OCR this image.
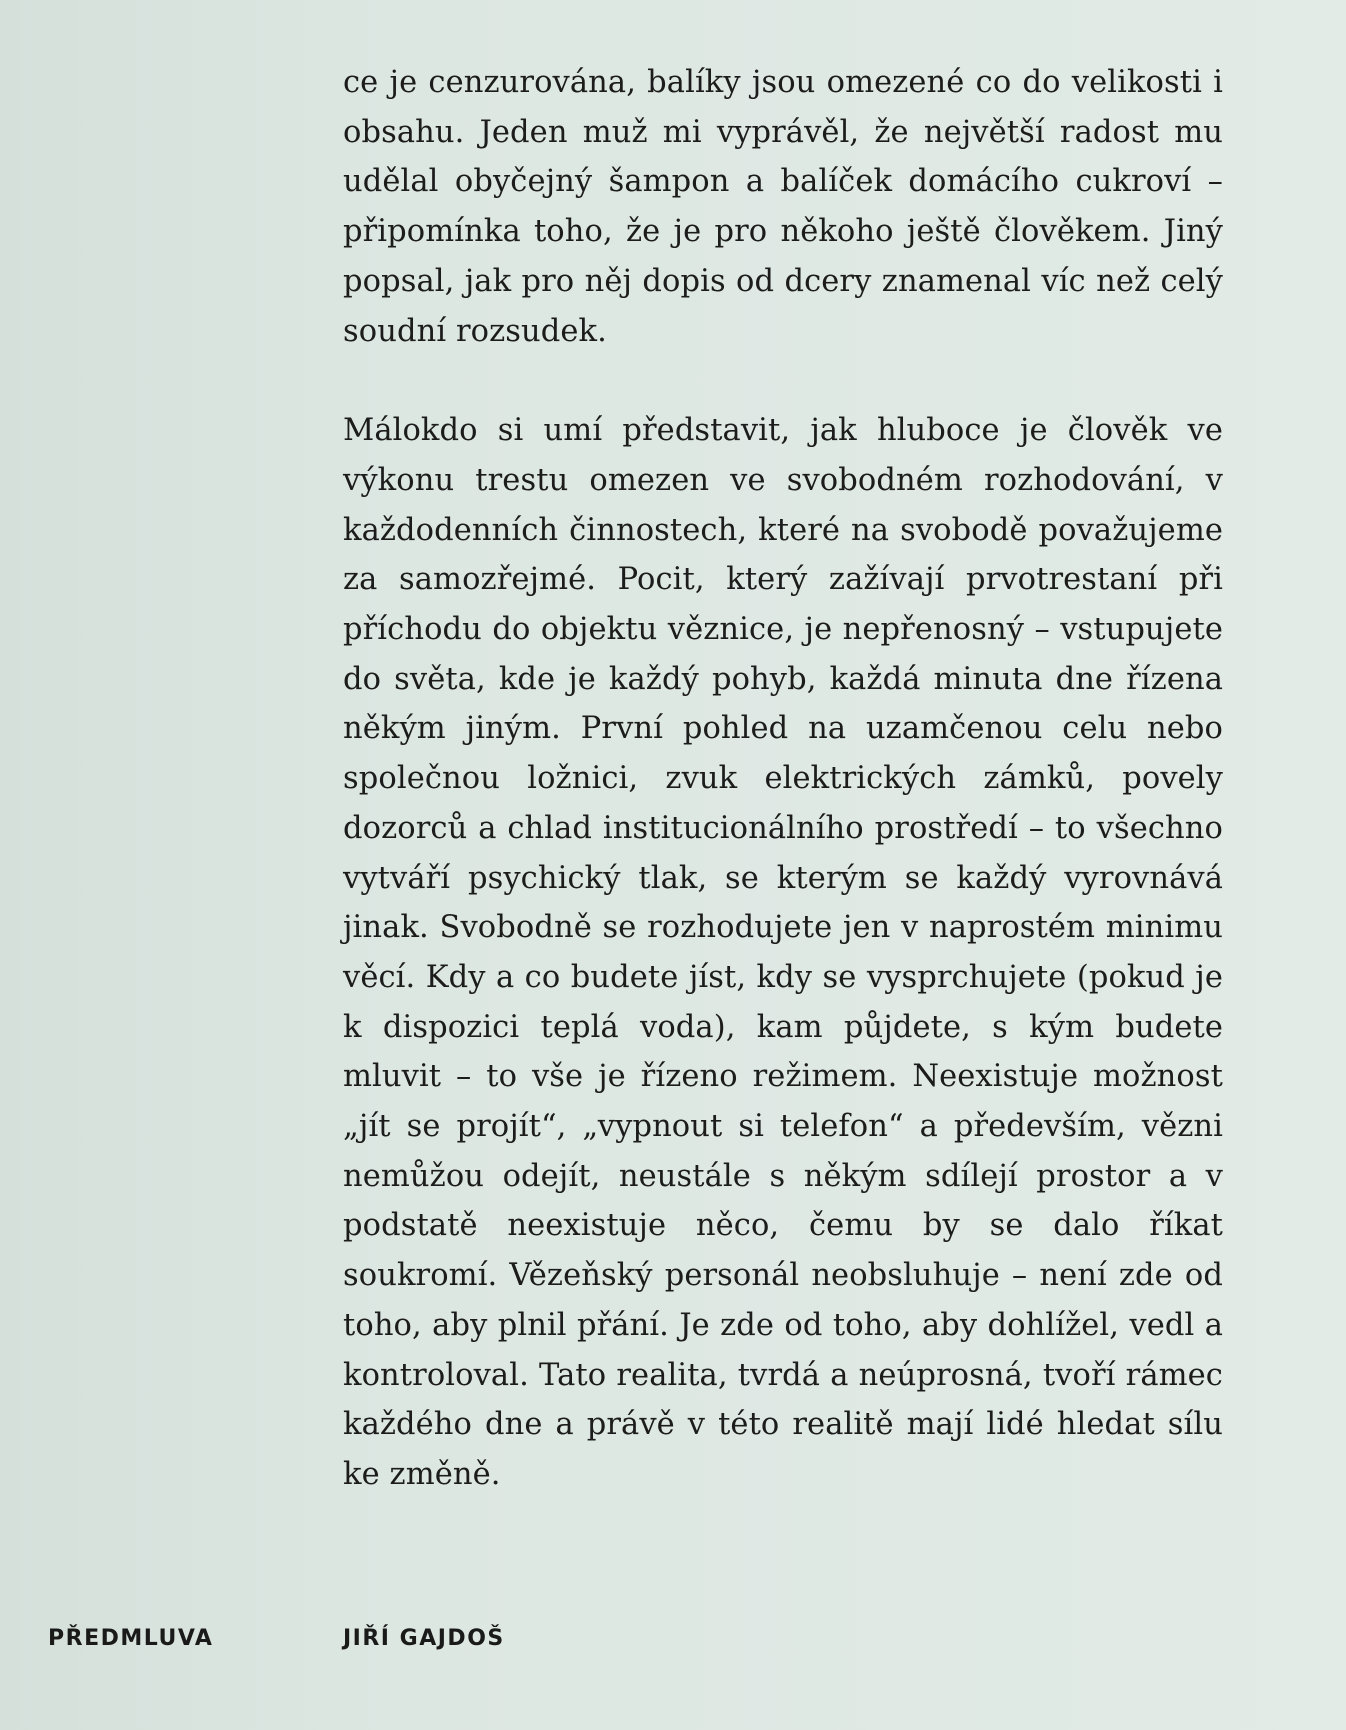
ce je cenzurována, balíky jsou omezené co do velikosti i obsahu. Jeden muž mi vyprávěl, že největší radost mu udělal obyčejný šampon a balíček domácího cukroví – připomínka toho, že je pro někoho ještě člověkem. Jiný popsal, jak pro něj dopis od dcery znamenal víc než celý soudní rozsudek.

Málokdo si umí představit, jak hluboce je člověk ve výkonu trestu omezen ve svobodném rozhodování, v každodenních činnostech, které na svobodě považujeme za samozřejmé. Pocit, který zažívají prvotrestaní při příchodu do objektu věznice, je nepřenosný – vstupujete do světa, kde je každý pohyb, každá minuta dne řízena někým jiným. První pohled na uzamčenou celu nebo společnou ložnici, zvuk elektrických zámků, povely dozorců a chlad institucionálního prostředí – to všechno vytváří psychický tlak, se kterým se každý vyrovnává jinak. Svobodně se rozhodujete jen v naprostém minimu věcí. Kdy a co budete jíst, kdy se vysprchujete (pokud je k dispozici teplá voda), kam půjdete, s kým budete mluvit – to vše je řízeno režimem. Neexistuje možnost „jít se projít“, „vypnout si telefon“ a především, vězni nemůžou odejít, neustále s někým sdílejí prostor a v podstatě neexistuje něco, čemu by se dalo říkat soukromí. Vězeňský personál neobsluhuje – není zde od toho, aby plnil přání. Je zde od toho, aby dohlížel, vedl a kontroloval. Tato realita, tvrdá a neúprosná, tvoří rámec každého dne a právě v této realitě mají lidé hledat sílu ke změně.

PŘEDMLUVA	JIŘÍ GAJDOŠ
